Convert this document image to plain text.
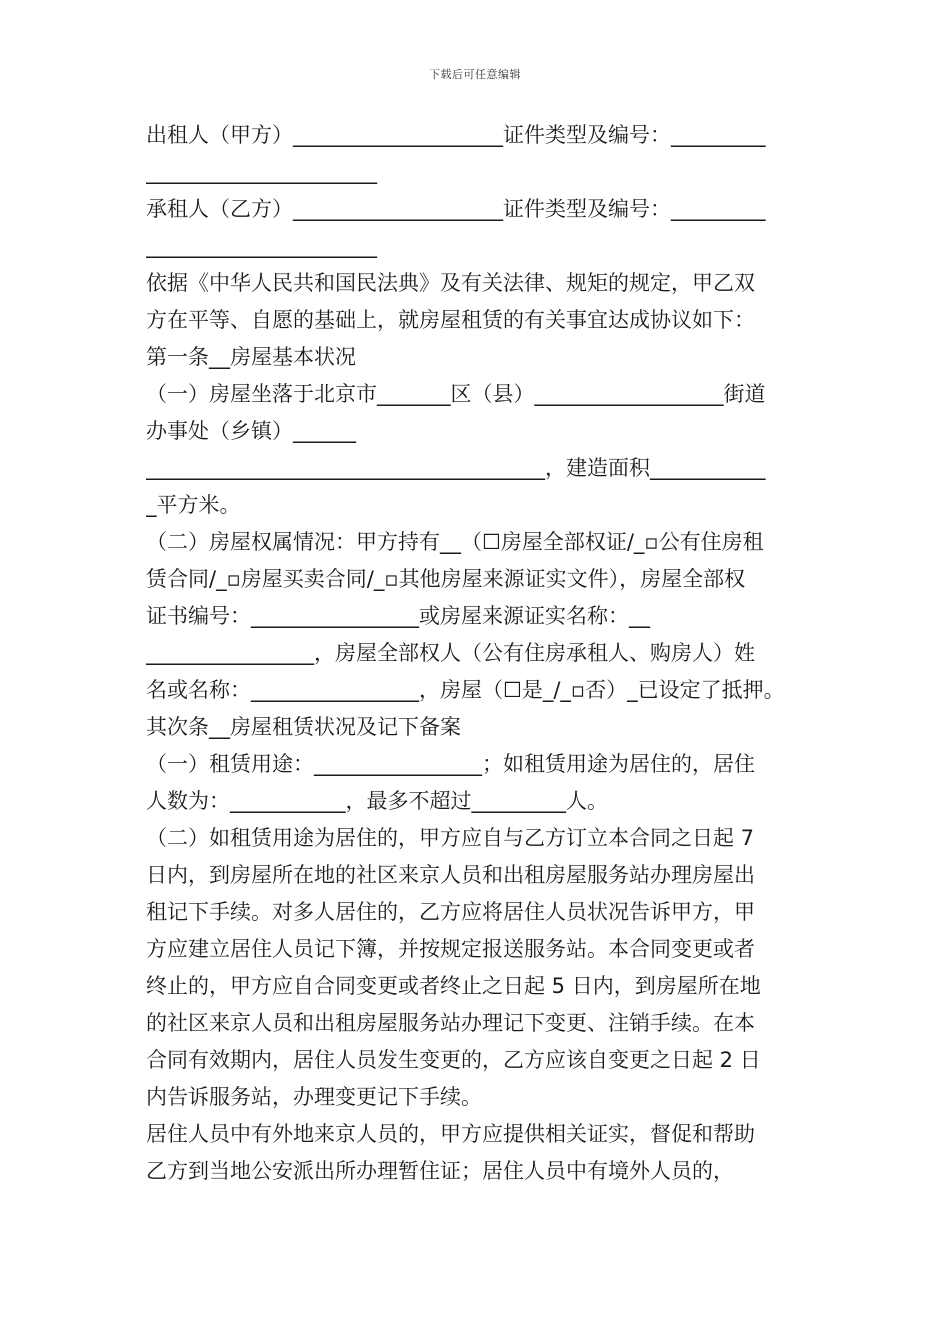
下载后可任意编辑
出租人（甲方）____________________证件类型及编号：_________
______________________
承租人（乙方）____________________证件类型及编号：_________
______________________
依据《中华人民共和国民法典》及有关法律、规矩的规定，甲乙双
方在平等、自愿的基础上，就房屋租赁的有关事宜达成协议如下：
第一条__房屋基本状况
（一）房屋坐落于北京市_______区（县）__________________街道
办事处（乡镇）______
______________________________________，建造面积___________
_平方米。
（二）房屋权属情况：甲方持有__（☐房屋全部权证/_▫公有住房租
赁合同/_▫房屋买卖合同/_▫其他房屋来源证实文件），房屋全部权
证书编号：________________或房屋来源证实名称：__
________________，房屋全部权人（公有住房承租人、购房人）姓
名或名称：________________，房屋（☐是_/_▫否）_已设定了抵押。
其次条__房屋租赁状况及记下备案
（一）租赁用途：________________；如租赁用途为居住的，居住
人数为：___________，最多不超过_________人。
（二）如租赁用途为居住的，甲方应自与乙方订立本合同之日起 7
日内，到房屋所在地的社区来京人员和出租房屋服务站办理房屋出
租记下手续。对多人居住的，乙方应将居住人员状况告诉甲方，甲
方应建立居住人员记下簿，并按规定报送服务站。本合同变更或者
终止的，甲方应自合同变更或者终止之日起 5 日内，到房屋所在地
的社区来京人员和出租房屋服务站办理记下变更、注销手续。在本
合同有效期内，居住人员发生变更的，乙方应该自变更之日起 2 日
内告诉服务站，办理变更记下手续。
居住人员中有外地来京人员的，甲方应提供相关证实，督促和帮助
乙方到当地公安派出所办理暂住证；居住人员中有境外人员的，
